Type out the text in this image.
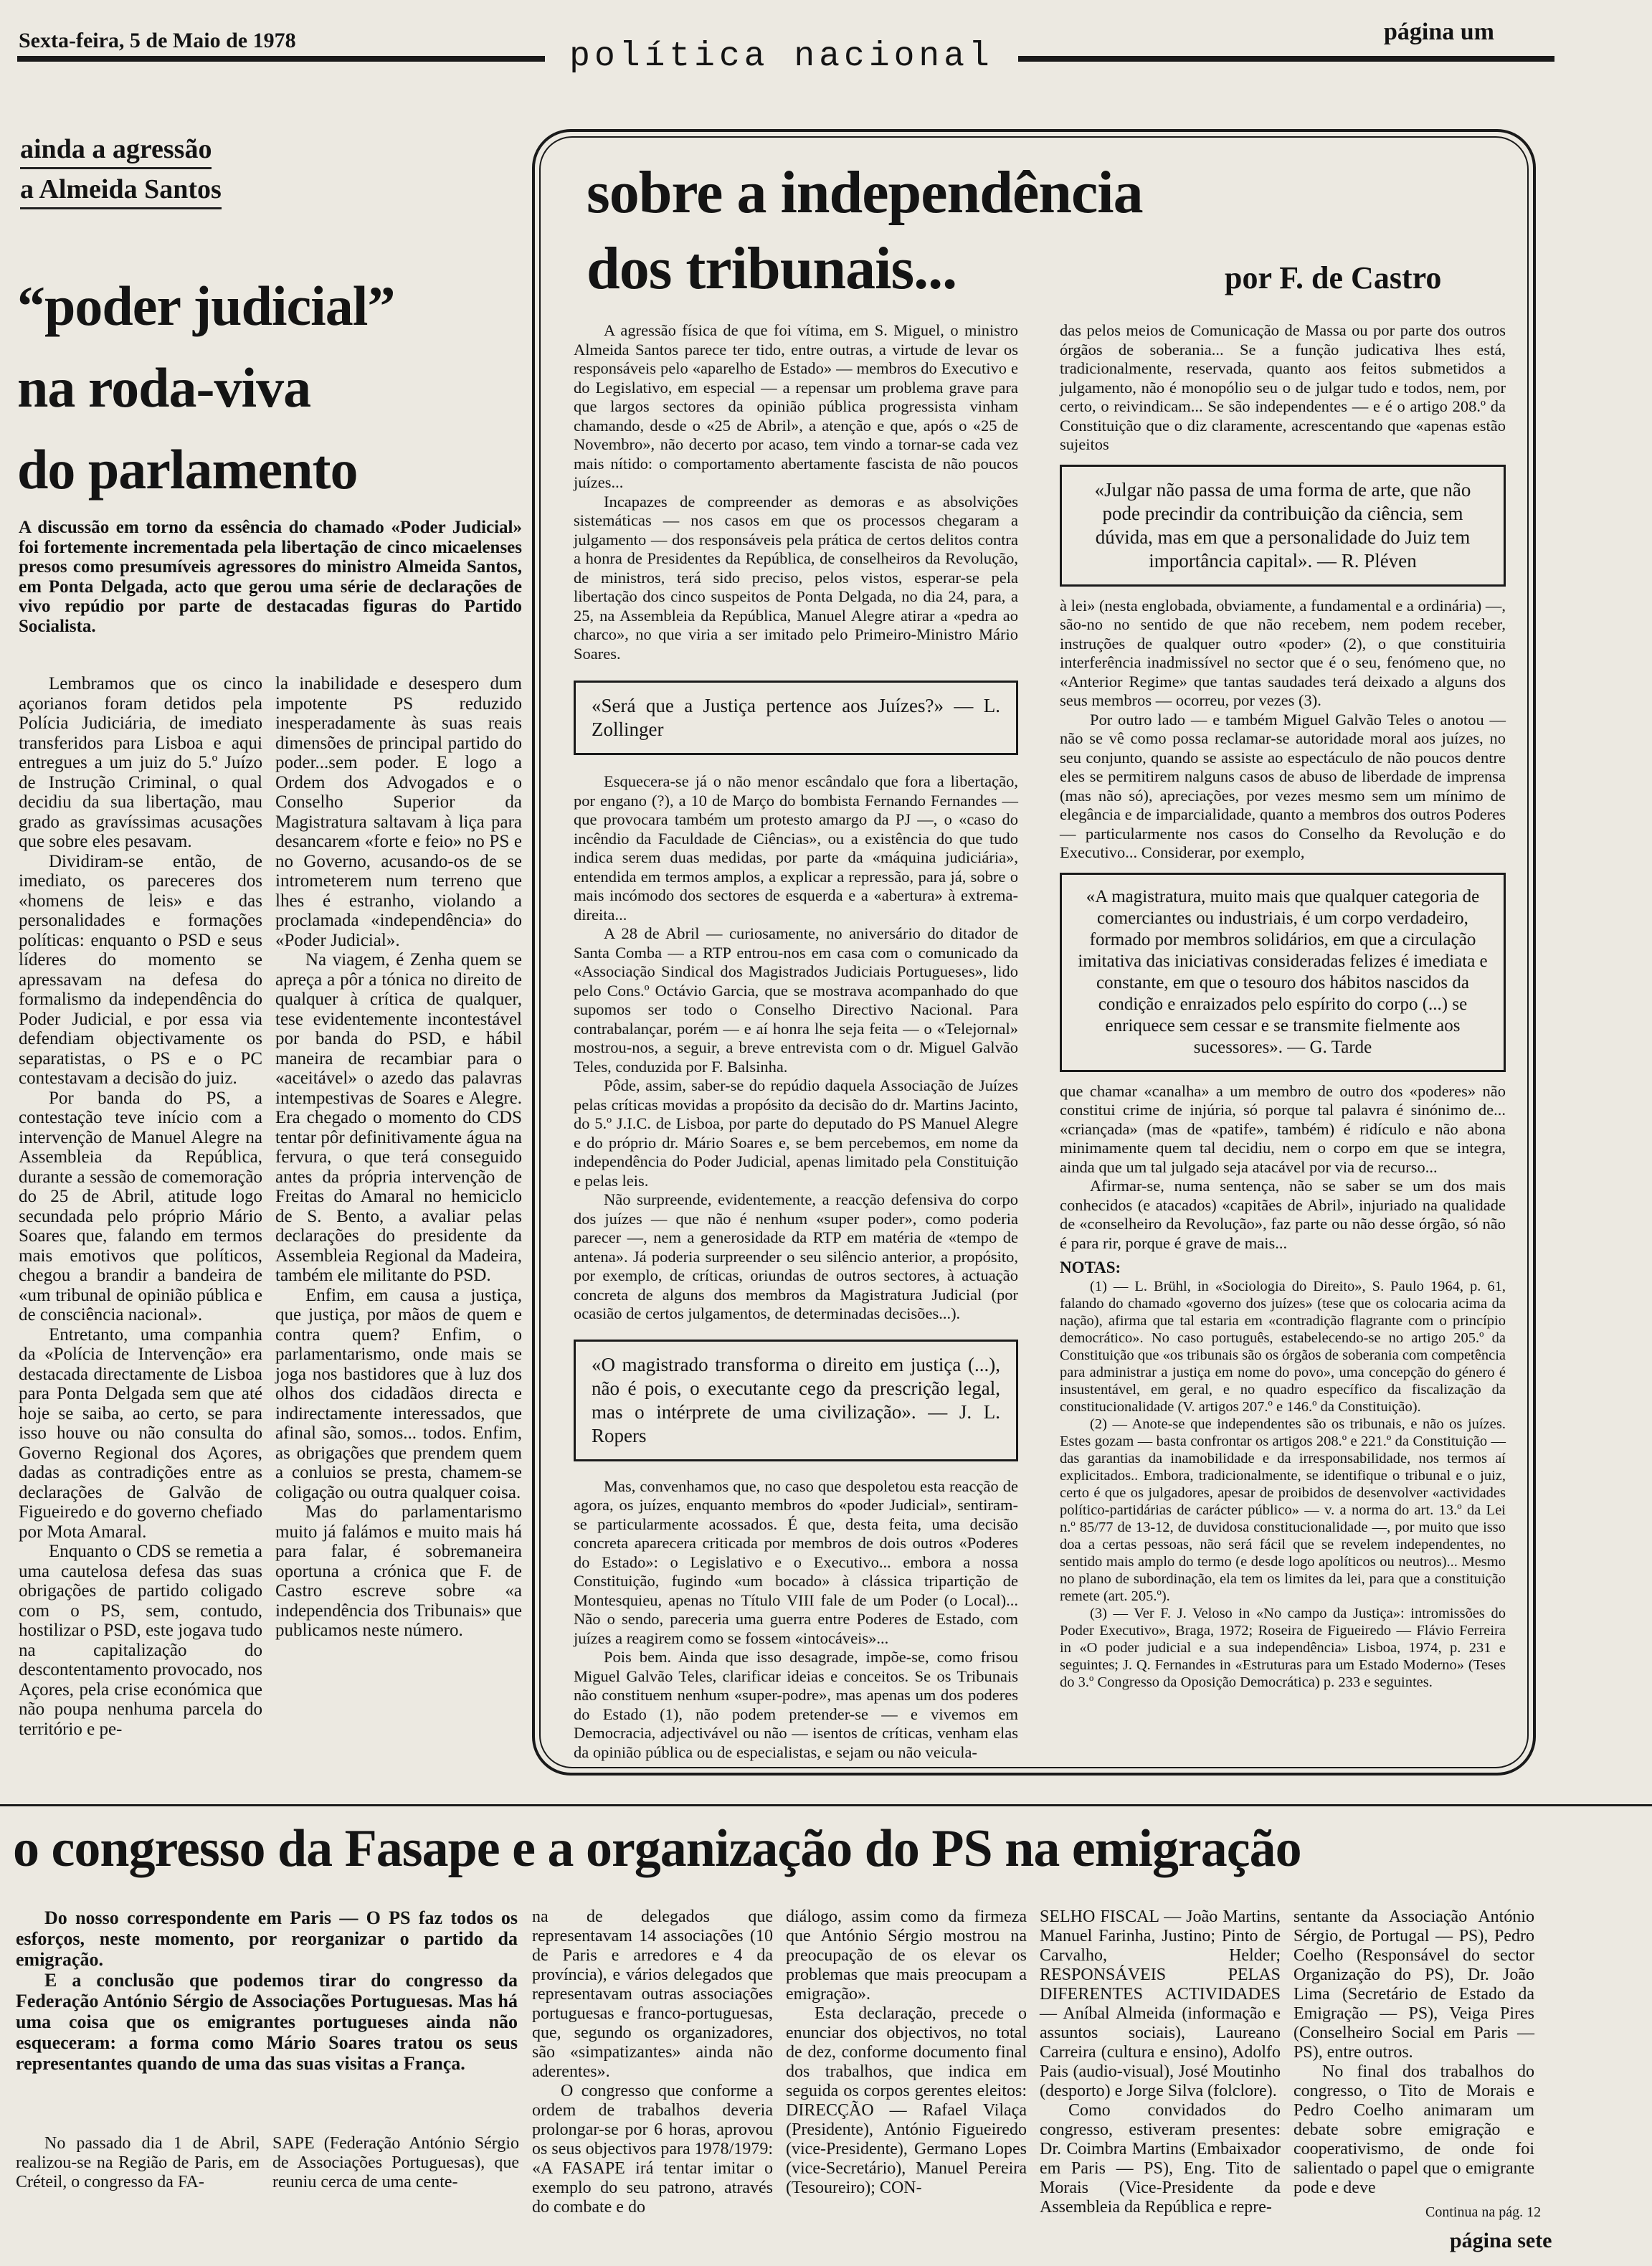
Sexta-feira, 5 de Maio de 1978	política nacional
página um
ainda a agressão
a Almeida Santos
“poder judicial”
na roda-viva
do parlamento
A discussão em torno da essência do chamado «Poder Judicial» foi fortemente incrementada pela libertação de cinco micaelenses presos como presumíveis agressores do ministro Almeida Santos, em Ponta Delgada, acto que gerou uma série de declarações de vivo repúdio por parte de destacadas figuras do Partido Socialista.

Lembramos que os cinco açorianos foram detidos pela Polícia Judiciária, de imediato transferidos para Lisboa e aqui entregues a um juiz do 5.º Juízo de Instrução Criminal, o qual decidiu da sua libertação, mau grado as gravíssimas acusações que sobre eles pesavam.

Dividiram-se então, de imediato, os pareceres dos «homens de leis» e das personalidades e formações políticas: enquanto o PSD e seus líderes do momento se apressavam na defesa do formalismo da independência do Poder Judicial, e por essa via defendiam objectivamente os separatistas, o PS e o PC contestavam a decisão do juiz.

Por banda do PS, a contestação teve início com a intervenção de Manuel Alegre na Assembleia da República, durante a sessão de comemoração do 25 de Abril, atitude logo secundada pelo próprio Mário Soares que, falando em termos mais emotivos que políticos, chegou a brandir a bandeira de «um tribunal de opinião pública e de consciência nacional».

Entretanto, uma companhia da «Polícia de Intervenção» era destacada directamente de Lisboa para Ponta Delgada sem que até hoje se saiba, ao certo, se para isso houve ou não consulta do Governo Regional dos Açores, dadas as contradições entre as declarações de Galvão de Figueiredo e do governo chefiado por Mota Amaral.

Enquanto o CDS se remetia a uma cautelosa defesa das suas obrigações de partido coligado com o PS, sem, contudo, hostilizar o PSD, este jogava tudo na capitalização do descontentamento provocado, nos Açores, pela crise económica que não poupa nenhuma parcela do território e pe-

la inabilidade e desespero dum impotente PS reduzido inesperadamente às suas reais dimensões de principal partido do poder...sem poder. E logo a Ordem dos Advogados e o Conselho Superior da Magistratura saltavam à liça para desancarem «forte e feio» no PS e no Governo, acusando-os de se intrometerem num terreno que lhes é estranho, violando a proclamada «independência» do «Poder Judicial».

Na viagem, é Zenha quem se apreça a pôr a tónica no direito de qualquer à crítica de qualquer, tese evidentemente incontestável por banda do PSD, e hábil maneira de recambiar para o «aceitável» o azedo das palavras intempestivas de Soares e Alegre. Era chegado o momento do CDS tentar pôr definitivamente água na fervura, o que terá conseguido antes da própria intervenção de Freitas do Amaral no hemiciclo de S. Bento, a avaliar pelas declarações do presidente da Assembleia Regional da Madeira, também ele militante do PSD.

Enfim, em causa a justiça, que justiça, por mãos de quem e contra quem? Enfim, o parlamentarismo, onde mais se joga nos bastidores que à luz dos olhos dos cidadãos directa e indirectamente interessados, que afinal são, somos... todos. Enfim, as obrigações que prendem quem a conluios se presta, chamem-se coligação ou outra qualquer coisa.

Mas do parlamentarismo muito já falámos e muito mais há para falar, é sobremaneira oportuna a crónica que F. de Castro escreve sobre «a independência dos Tribunais» que publicamos neste número.

sobre a independência
dos tribunais...	por F. de Castro

A agressão física de que foi vítima, em S. Miguel, o ministro Almeida Santos parece ter tido, entre outras, a virtude de levar os responsáveis pelo «aparelho de Estado» — membros do Executivo e do Legislativo, em especial — a repensar um problema grave para que largos sectores da opinião pública progressista vinham chamando, desde o «25 de Abril», a atenção e que, após o «25 de Novembro», não decerto por acaso, tem vindo a tornar-se cada vez mais nítido: o comportamento abertamente fascista de não poucos juízes...

Incapazes de compreender as demoras e as absolvições sistemáticas — nos casos em que os processos chegaram a julgamento — dos responsáveis pela prática de certos delitos contra a honra de Presidentes da República, de conselheiros da Revolução, de ministros, terá sido preciso, pelos vistos, esperar-se pela libertação dos cinco suspeitos de Ponta Delgada, no dia 24, para, a 25, na Assembleia da República, Manuel Alegre atirar a «pedra ao charco», no que viria a ser imitado pelo Primeiro-Ministro Mário Soares.

«Será que a Justiça pertence aos Juízes?» — L. Zollinger

Esquecera-se já o não menor escândalo que fora a libertação, por engano (?), a 10 de Março do bombista Fernando Fernandes — que provocara também um protesto amargo da PJ —, o «caso do incêndio da Faculdade de Ciências», ou a existência do que tudo indica serem duas medidas, por parte da «máquina judiciária», entendida em termos amplos, a explicar a repressão, para já, sobre o mais incómodo dos sectores de esquerda e a «abertura» à extrema-direita...

A 28 de Abril — curiosamente, no aniversário do ditador de Santa Comba — a RTP entrou-nos em casa com o comunicado da «Associação Sindical dos Magistrados Judiciais Portugueses», lido pelo Cons.º Octávio Garcia, que se mostrava acompanhado do que supomos ser todo o Conselho Directivo Nacional. Para contrabalançar, porém — e aí honra lhe seja feita — o «Telejornal» mostrou-nos, a seguir, a breve entrevista com o dr. Miguel Galvão Teles, conduzida por F. Balsinha.

Pôde, assim, saber-se do repúdio daquela Associação de Juízes pelas críticas movidas a propósito da decisão do dr. Martins Jacinto, do 5.º J.I.C. de Lisboa, por parte do deputado do PS Manuel Alegre e do próprio dr. Mário Soares e, se bem percebemos, em nome da independência do Poder Judicial, apenas limitado pela Constituição e pelas leis.

Não surpreende, evidentemente, a reacção defensiva do corpo dos juízes — que não é nenhum «super poder», como poderia parecer —, nem a generosidade da RTP em matéria de «tempo de antena». Já poderia surpreender o seu silêncio anterior, a propósito, por exemplo, de críticas, oriundas de outros sectores, à actuação concreta de alguns dos membros da Magistratura Judicial (por ocasião de certos julgamentos, de determinadas decisões...).

«O magistrado transforma o direito em justiça (...), não é pois, o executante cego da prescrição legal, mas o intérprete de uma civilização». — J. L. Ropers

Mas, convenhamos que, no caso que despoletou esta reacção de agora, os juízes, enquanto membros do «poder Judicial», sentiram-se particularmente acossados. É que, desta feita, uma decisão concreta aparecera criticada por membros de dois outros «Poderes do Estado»: o Legislativo e o Executivo... embora a nossa Constituição, fugindo «um bocado» à clássica tripartição de Montesquieu, apenas no Título VIII fale de um Poder (o Local)... Não o sendo, pareceria uma guerra entre Poderes de Estado, com juízes a reagirem como se fossem «intocáveis»...

Pois bem. Ainda que isso desagrade, impõe-se, como frisou Miguel Galvão Teles, clarificar ideias e conceitos. Se os Tribunais não constituem nenhum «super-podre», mas apenas um dos poderes do Estado (1), não podem pretender-se — e vivemos em Democracia, adjectivável ou não — isentos de críticas, venham elas da opinião pública ou de especialistas, e sejam ou não veicula-

das pelos meios de Comunicação de Massa ou por parte dos outros órgãos de soberania... Se a função judicativa lhes está, tradicionalmente, reservada, quanto aos feitos submetidos a julgamento, não é monopólio seu o de julgar tudo e todos, nem, por certo, o reivindicam... Se são independentes — e é o artigo 208.º da Constituição que o diz claramente, acrescentando que «apenas estão sujeitos

«Julgar não passa de uma forma de arte, que não pode precindir da contribuição da ciência, sem dúvida, mas em que a personalidade do Juiz tem importância capital». — R. Pléven

à lei» (nesta englobada, obviamente, a fundamental e a ordinária) —, são-no no sentido de que não recebem, nem podem receber, instruções de qualquer outro «poder» (2), o que constituiria interferência inadmissível no sector que é o seu, fenómeno que, no «Anterior Regime» que tantas saudades terá deixado a alguns dos seus membros — ocorreu, por vezes (3).

Por outro lado — e também Miguel Galvão Teles o anotou — não se vê como possa reclamar-se autoridade moral aos juízes, no seu conjunto, quando se assiste ao espectáculo de não poucos dentre eles se permitirem nalguns casos de abuso de liberdade de imprensa (mas não só), apreciações, por vezes mesmo sem um mínimo de elegância e de imparcialidade, quanto a membros dos outros Poderes — particularmente nos casos do Conselho da Revolução e do Executivo... Considerar, por exemplo,

«A magistratura, muito mais que qualquer categoria de comerciantes ou industriais, é um corpo verdadeiro, formado por membros solidários, em que a circulação imitativa das iniciativas consideradas felizes é imediata e constante, em que o tesouro dos hábitos nascidos da condição e enraizados pelo espírito do corpo (...) se enriquece sem cessar e se transmite fielmente aos sucessores». — G. Tarde

que chamar «canalha» a um membro de outro dos «poderes» não constitui crime de injúria, só porque tal palavra é sinónimo de... «criançada» (mas de «patife», também) é ridículo e não abona minimamente quem tal decidiu, nem o corpo em que se integra, ainda que um tal julgado seja atacável por via de recurso...

Afirmar-se, numa sentença, não se saber se um dos mais conhecidos (e atacados) «capitães de Abril», injuriado na qualidade de «conselheiro da Revolução», faz parte ou não desse órgão, só não é para rir, porque é grave de mais...

NOTAS:

(1) — L. Brühl, in «Sociologia do Direito», S. Paulo 1964, p. 61, falando do chamado «governo dos juízes» (tese que os colocaria acima da nação), afirma que tal estaria em «contradição flagrante com o princípio democrático». No caso português, estabelecendo-se no artigo 205.º da Constituição que «os tribunais são os órgãos de soberania com competência para administrar a justiça em nome do povo», uma concepção do género é insustentável, em geral, e no quadro específico da fiscalização da constitucionalidade (V. artigos 207.º e 146.º da Constituição).

(2) — Anote-se que independentes são os tribunais, e não os juízes. Estes gozam — basta confrontar os artigos 208.º e 221.º da Constituição — das garantias da inamobilidade e da irresponsabilidade, nos termos aí explicitados.. Embora, tradicionalmente, se identifique o tribunal e o juiz, certo é que os julgadores, apesar de proibidos de desenvolver «actividades político-partidárias de carácter público» — v. a norma do art. 13.º da Lei n.º 85/77 de 13-12, de duvidosa constitucionalidade —, por muito que isso doa a certas pessoas, não será fácil que se revelem independentes, no sentido mais amplo do termo (e desde logo apolíticos ou neutros)... Mesmo no plano de subordinação, ela tem os limites da lei, para que a constituição remete (art. 205.º).

(3) — Ver F. J. Veloso in «No campo da Justiça»: intromissões do Poder Executivo», Braga, 1972; Roseira de Figueiredo — Flávio Ferreira in «O poder judicial e a sua independência» Lisboa, 1974, p. 231 e seguintes; J. Q. Fernandes in «Estruturas para um Estado Moderno» (Teses do 3.º Congresso da Oposição Democrática) p. 233 e seguintes.

o congresso da Fasape e a organização do PS na emigração

Do nosso correspondente em Paris — O PS faz todos os esforços, neste momento, por reorganizar o partido da emigração.

E a conclusão que podemos tirar do congresso da Federação António Sérgio de Associações Portuguesas. Mas há uma coisa que os emigrantes portugueses ainda não esqueceram: a forma como Mário Soares tratou os seus representantes quando de uma das suas visitas a França.

No passado dia 1 de Abril, realizou-se na Região de Paris, em Créteil, o congresso da FA-

SAPE (Federação António Sérgio de Associações Portuguesas), que reuniu cerca de uma cente-

na de delegados que representavam 14 associações (10 de Paris e arredores e 4 da província), e vários delegados que representavam outras associações portuguesas e franco-portuguesas, que, segundo os organizadores, são «simpatizantes» ainda não aderentes».

O congresso que conforme a ordem de trabalhos deveria prolongar-se por 6 horas, aprovou os seus objectivos para 1978/1979: «A FASAPE irá tentar imitar o exemplo do seu patrono, através do combate e do

diálogo, assim como da firmeza que António Sérgio mostrou na preocupação de os elevar os problemas que mais preocupam a emigração».

Esta declaração, precede o enunciar dos objectivos, no total de dez, conforme documento final dos trabalhos, que indica em seguida os corpos gerentes eleitos: DIRECÇÃO — Rafael Vilaça (Presidente), António Figueiredo (vice-Presidente), Germano Lopes (vice-Secretário), Manuel Pereira (Tesoureiro); CON-

SELHO FISCAL — João Martins, Manuel Farinha, Justino; Pinto de Carvalho, Helder; RESPONSÁVEIS PELAS DIFERENTES ACTIVIDADES — Aníbal Almeida (informação e assuntos sociais), Laureano Carreira (cultura e ensino), Adolfo Pais (audio-visual), José Moutinho (desporto) e Jorge Silva (folclore).

Como convidados do congresso, estiveram presentes: Dr. Coimbra Martins (Embaixador em Paris — PS), Eng. Tito de Morais (Vice-Presidente da Assembleia da República e repre-

sentante da Associação António Sérgio, de Portugal — PS), Pedro Coelho (Responsável do sector Organização do PS), Dr. João Lima (Secretário de Estado da Emigração — PS), Veiga Pires (Conselheiro Social em Paris — PS), entre outros.

No final dos trabalhos do congresso, o Tito de Morais e Pedro Coelho animaram um debate sobre emigração e cooperativismo, de onde foi salientado o papel que o emigrante pode e deve

Continua na pág. 12
página sete
